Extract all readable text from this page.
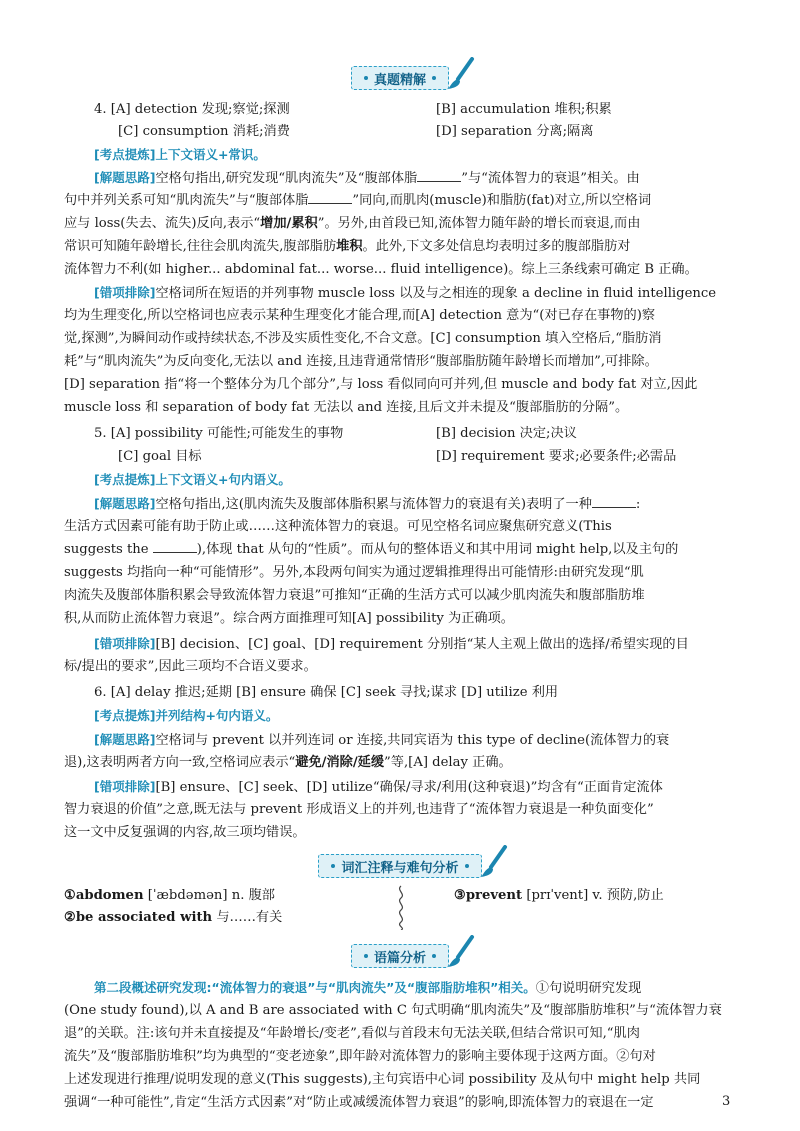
真题精解
4. [A] detection 发现;察觉;探测	[B] accumulation 堆积;积累
[C] consumption 消耗;消费	[D] separation 分离;隔离
[考点提炼]上下文语义+常识。
[解题思路]空格句指出,研究发现“肌肉流失”及“腹部体脂	”与“流体智力的衰退”相关。由
句中并列关系可知“肌肉流失”与“腹部体脂	”同向,而肌肉(muscle)和脂肪(fat)对立,所以空格词
应与 loss(失去、流失)反向,表示“增加/累积”。另外,由首段已知,流体智力随年龄的增长而衰退,而由
常识可知随年龄增长,往往会肌肉流失,腹部脂肪堆积。此外,下文多处信息均表明过多的腹部脂肪对
流体智力不利(如 higher... abdominal fat... worse... fluid intelligence)。综上三条线索可确定 B 正确。
[错项排除]空格词所在短语的并列事物 muscle loss 以及与之相连的现象 a decline in fluid intelligence
均为生理变化,所以空格词也应表示某种生理变化才能合理,而[A] detection 意为“(对已存在事物的)察
觉,探测”,为瞬间动作或持续状态,不涉及实质性变化,不合文意。[C] consumption 填入空格后,“脂肪消
耗”与“肌肉流失”为反向变化,无法以 and 连接,且违背通常情形“腹部脂肪随年龄增长而增加”,可排除。
[D] separation 指“将一个整体分为几个部分”,与 loss 看似同向可并列,但 muscle and body fat 对立,因此
muscle loss 和 separation of body fat 无法以 and 连接,且后文并未提及“腹部脂肪的分隔”。
5. [A] possibility 可能性;可能发生的事物	[B] decision 决定;决议
[C] goal 目标	[D] requirement 要求;必要条件;必需品
[考点提炼]上下文语义+句内语义。
[解题思路]空格句指出,这(肌肉流失及腹部体脂积累与流体智力的衰退有关)表明了一种	:
生活方式因素可能有助于防止或……这种流体智力的衰退。可见空格名词应聚焦研究意义(This
suggests the	),体现 that 从句的“性质”。而从句的整体语义和其中用词 might help,以及主句的
suggests 均指向一种“可能情形”。另外,本段两句间实为通过逻辑推理得出可能情形:由研究发现“肌
肉流失及腹部体脂积累会导致流体智力衰退”可推知“正确的生活方式可以减少肌肉流失和腹部脂肪堆
积,从而防止流体智力衰退”。综合两方面推理可知[A] possibility 为正确项。
[错项排除][B] decision、[C] goal、[D] requirement 分别指“某人主观上做出的选择/希望实现的目
标/提出的要求”,因此三项均不合语义要求。
6. [A] delay 推迟;延期 [B] ensure 确保 [C] seek 寻找;谋求 [D] utilize 利用
[考点提炼]并列结构+句内语义。
[解题思路]空格词与 prevent 以并列连词 or 连接,共同宾语为 this type of decline(流体智力的衰
退),这表明两者方向一致,空格词应表示“避免/消除/延缓”等,[A] delay 正确。
[错项排除][B] ensure、[C] seek、[D] utilize“确保/寻求/利用(这种衰退)”均含有“正面肯定流体
智力衰退的价值”之意,既无法与 prevent 形成语义上的并列,也违背了“流体智力衰退是一种负面变化”
这一文中反复强调的内容,故三项均错误。
词汇注释与难句分析
①abdomen [ˈæbdəmən] n. 腹部
②be associated with 与……有关
③prevent [prɪˈvent] v. 预防,防止
语篇分析
第二段概述研究发现:“流体智力的衰退”与“肌肉流失”及“腹部脂肪堆积”相关。①句说明研究发现
(One study found),以 A and B are associated with C 句式明确“肌肉流失”及“腹部脂肪堆积”与“流体智力衰
退”的关联。注:该句并未直接提及“年龄增长/变老”,看似与首段末句无法关联,但结合常识可知,“肌肉
流失”及“腹部脂肪堆积”均为典型的“变老迹象”,即年龄对流体智力的影响主要体现于这两方面。②句对
上述发现进行推理/说明发现的意义(This suggests),主句宾语中心词 possibility 及从句中 might help 共同
强调“一种可能性”,肯定“生活方式因素”对“防止或减缓流体智力衰退”的影响,即流体智力的衰退在一定	3
